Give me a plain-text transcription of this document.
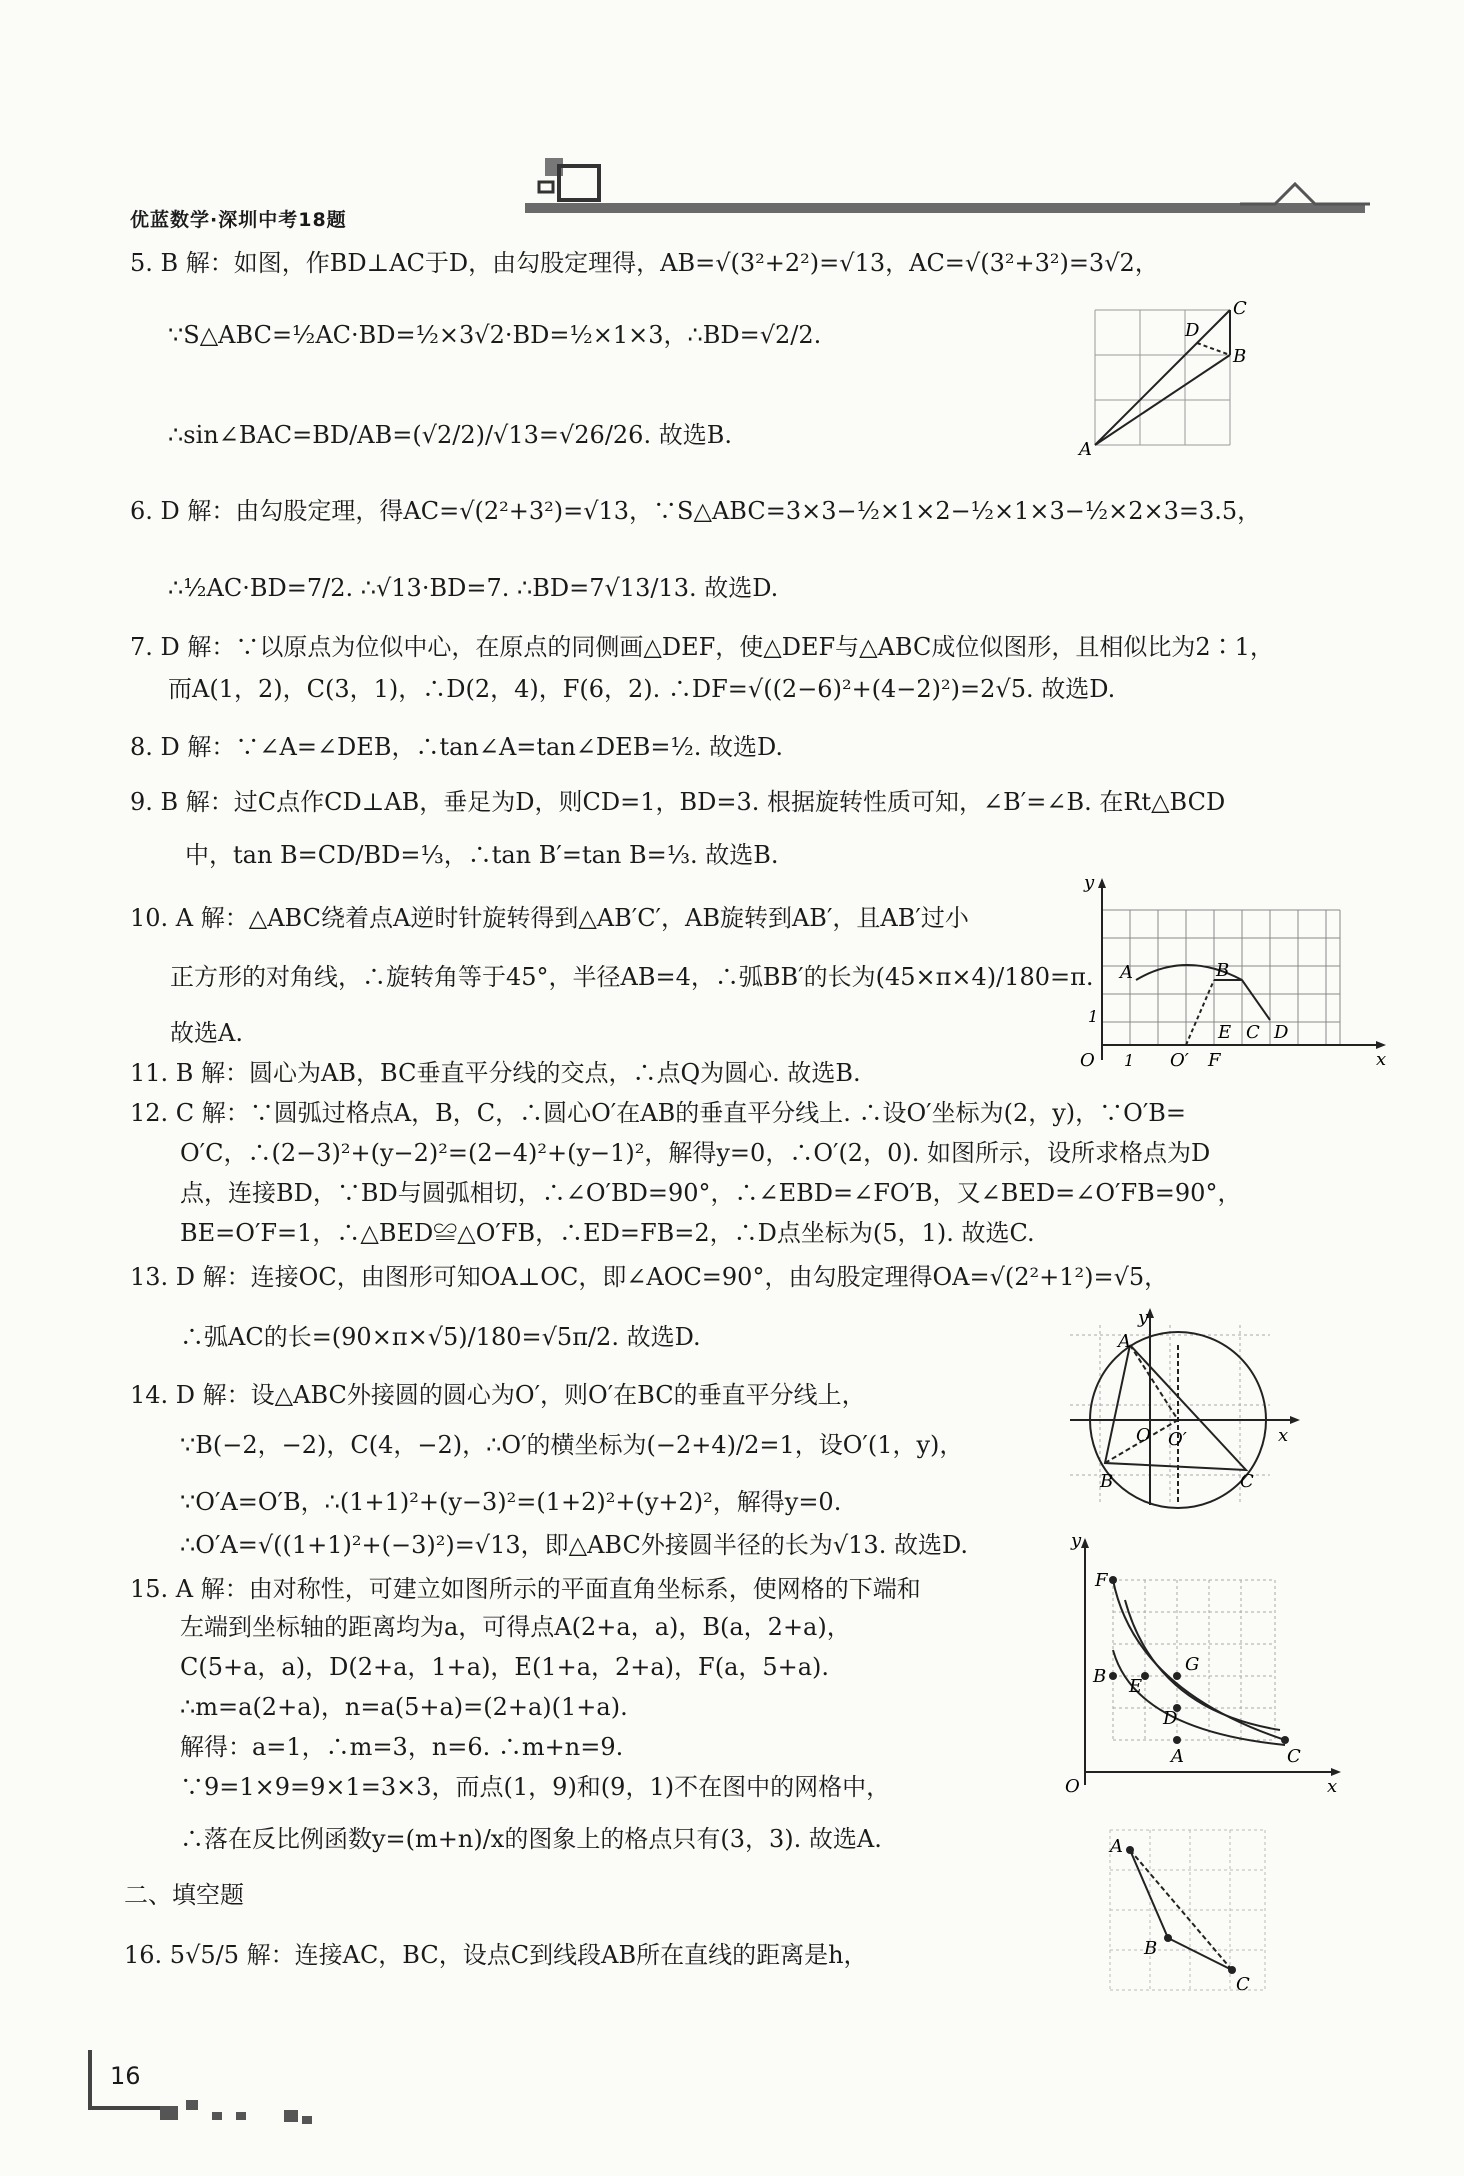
优蓝数学·深圳中考18题
5. B 解：如图，作BD⊥AC于D，由勾股定理得，AB=√(3²+2²)=√13，AC=√(3²+3²)=3√2，
∵S△ABC=½AC·BD=½×3√2·BD=½×1×3，∴BD=√2/2.
∴sin∠BAC=BD/AB=(√2/2)/√13=√26/26. 故选B.
6. D 解：由勾股定理，得AC=√(2²+3²)=√13，∵S△ABC=3×3−½×1×2−½×1×3−½×2×3=3.5，
∴½AC·BD=7/2. ∴√13·BD=7. ∴BD=7√13/13. 故选D.
7. D 解：∵以原点为位似中心，在原点的同侧画△DEF，使△DEF与△ABC成位似图形，且相似比为2∶1，
而A(1，2)，C(3，1)，∴D(2，4)，F(6，2). ∴DF=√((2−6)²+(4−2)²)=2√5. 故选D.
8. D 解：∵∠A=∠DEB，∴tan∠A=tan∠DEB=½. 故选D.
9. B 解：过C点作CD⊥AB，垂足为D，则CD=1，BD=3. 根据旋转性质可知，∠B′=∠B. 在Rt△BCD
中，tan B=CD/BD=⅓，∴tan B′=tan B=⅓. 故选B.
10. A 解：△ABC绕着点A逆时针旋转得到△AB′C′，AB旋转到AB′，且AB′过小
正方形的对角线，∴旋转角等于45°，半径AB=4，∴弧BB′的长为(45×π×4)/180=π.
故选A.
11. B 解：圆心为AB，BC垂直平分线的交点，∴点Q为圆心. 故选B.
12. C 解：∵圆弧过格点A，B，C，∴圆心O′在AB的垂直平分线上. ∴设O′坐标为(2，y)，∵O′B=
O′C，∴(2−3)²+(y−2)²=(2−4)²+(y−1)²，解得y=0，∴O′(2，0). 如图所示，设所求格点为D
点，连接BD，∵BD与圆弧相切，∴∠O′BD=90°，∴∠EBD=∠FO′B，又∠BED=∠O′FB=90°，
BE=O′F=1，∴△BED≌△O′FB，∴ED=FB=2，∴D点坐标为(5，1). 故选C.
13. D 解：连接OC，由图形可知OA⊥OC，即∠AOC=90°，由勾股定理得OA=√(2²+1²)=√5，
∴弧AC的长=(90×π×√5)/180=√5π/2. 故选D.
14. D 解：设△ABC外接圆的圆心为O′，则O′在BC的垂直平分线上，
∵B(−2，−2)，C(4，−2)，∴O′的横坐标为(−2+4)/2=1，设O′(1，y)，
∵O′A=O′B，∴(1+1)²+(y−3)²=(1+2)²+(y+2)²，解得y=0.
∴O′A=√((1+1)²+(−3)²)=√13，即△ABC外接圆半径的长为√13. 故选D.
15. A 解：由对称性，可建立如图所示的平面直角坐标系，使网格的下端和
左端到坐标轴的距离均为a，可得点A(2+a，a)，B(a，2+a)，
C(5+a，a)，D(2+a，1+a)，E(1+a，2+a)，F(a，5+a).
∴m=a(2+a)，n=a(5+a)=(2+a)(1+a).
解得：a=1，∴m=3，n=6. ∴m+n=9.
∵9=1×9=9×1=3×3，而点(1，9)和(9，1)不在图中的网格中，
∴落在反比例函数y=(m+n)/x的图象上的格点只有(3，3). 故选A.
二、填空题
16. 5√5/5 解：连接AC，BC，设点C到线段AB所在直线的距离是h，
A
B
C
D
y
x
O 1 O′ F
A	B
E C D
1
y
x
A
O O′
B	C
y
x
O
F
B E
G
D
A	C
A
B
C
16
